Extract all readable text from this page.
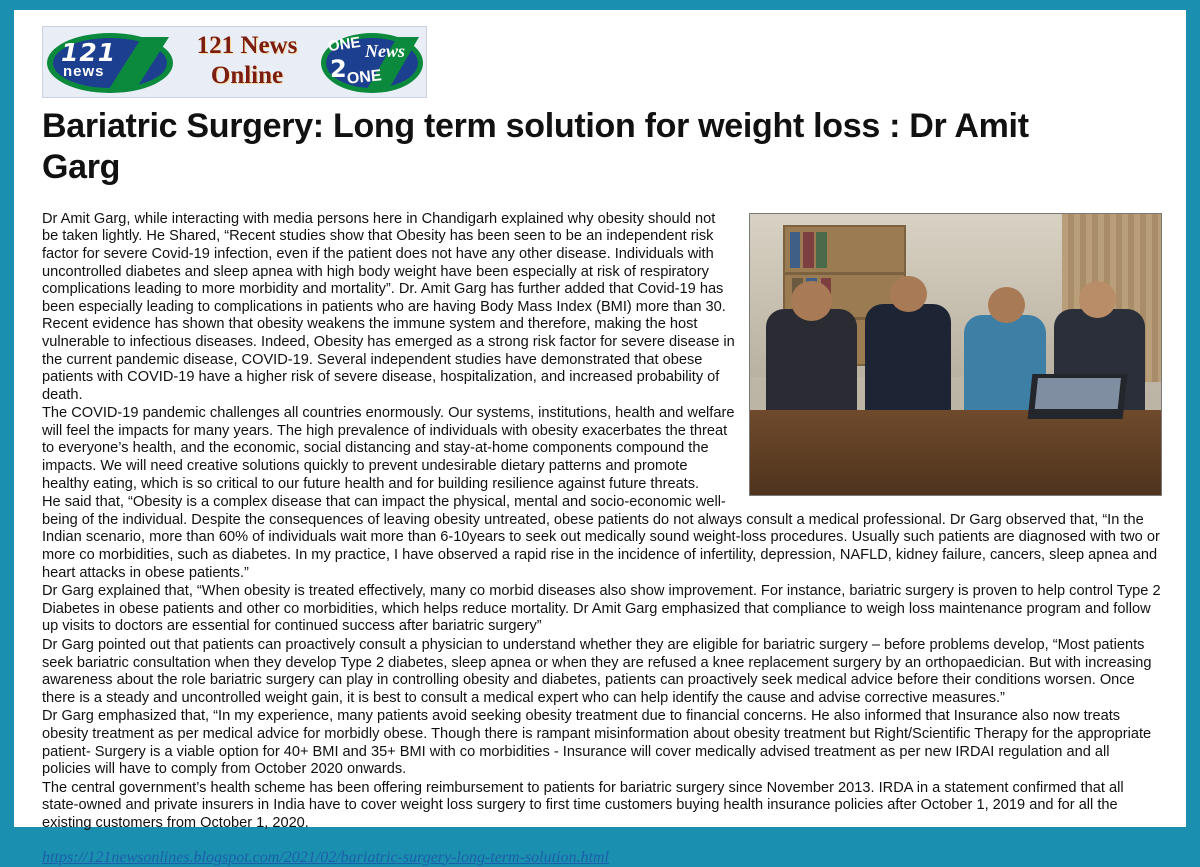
121
news
121 News
Online
ONE
2 ONE
News
Bariatric Surgery: Long term solution for weight loss : Dr Amit Garg

Dr Amit Garg, while interacting with media persons here in Chandigarh explained why obesity should not be taken lightly. He Shared, “Recent studies show that Obesity has been seen to be an independent risk factor for severe Covid-19 infection, even if the patient does not have any other disease. Individuals with uncontrolled diabetes and sleep apnea with high body weight have been especially at risk of respiratory complications leading to more morbidity and mortality”. Dr. Amit Garg has further added that Covid-19 has been especially leading to complications in patients who are having Body Mass Index (BMI) more than 30. Recent evidence has shown that obesity weakens the immune system and therefore, making the host vulnerable to infectious diseases. Indeed, Obesity has emerged as a strong risk factor for severe disease in the current pandemic disease, COVID-19. Several independent studies have demonstrated that obese patients with COVID-19 have a higher risk of severe disease, hospitalization, and increased probability of death.

The COVID-19 pandemic challenges all countries enormously. Our systems, institutions, health and welfare will feel the impacts for many years. The high prevalence of individuals with obesity exacerbates the threat to everyone’s health, and the economic, social distancing and stay-at-home components compound the impacts. We will need creative solutions quickly to prevent undesirable dietary patterns and promote healthy eating, which is so critical to our future health and for building resilience against future threats.

He said that, “Obesity is a complex disease that can impact the physical, mental and socio-economic well-being of the individual. Despite the consequences of leaving obesity untreated, obese patients do not always consult a medical professional. Dr Garg observed that, “In the Indian scenario, more than 60% of individuals wait more than 6-10years to seek out medically sound weight-loss procedures. Usually such patients are diagnosed with two or more co morbidities, such as diabetes. In my practice, I have observed a rapid rise in the incidence of infertility, depression, NAFLD, kidney failure, cancers, sleep apnea and heart attacks in obese patients.”

Dr Garg explained that, “When obesity is treated effectively, many co morbid diseases also show improvement. For instance, bariatric surgery is proven to help control Type 2 Diabetes in obese patients and other co morbidities, which helps reduce mortality. Dr Amit Garg emphasized that compliance to weigh loss maintenance program and follow up visits to doctors are essential for continued success after bariatric surgery”

Dr Garg pointed out that patients can proactively consult a physician to understand whether they are eligible for bariatric surgery – before problems develop, “Most patients seek bariatric consultation when they develop Type 2 diabetes, sleep apnea or when they are refused a knee replacement surgery by an orthopaedician. But with increasing awareness about the role bariatric surgery can play in controlling obesity and diabetes, patients can proactively seek medical advice before their conditions worsen. Once there is a steady and uncontrolled weight gain, it is best to consult a medical expert who can help identify the cause and advise corrective measures.”

Dr Garg emphasized that, “In my experience, many patients avoid seeking obesity treatment due to financial concerns. He also informed that Insurance also now treats obesity treatment as per medical advice for morbidly obese. Though there is rampant misinformation about obesity treatment but Right/Scientific Therapy for the appropriate patient- Surgery is a viable option for 40+ BMI and 35+ BMI with co morbidities - Insurance will cover medically advised treatment as per new IRDAI regulation and all policies will have to comply from October 2020 onwards.

The central government’s health scheme has been offering reimbursement to patients for bariatric surgery since November 2013. IRDA in a statement confirmed that all state-owned and private insurers in India have to cover weight loss surgery to first time customers buying health insurance policies after October 1, 2019 and for all the existing customers from October 1, 2020.

https://121newsonlines.blogspot.com/2021/02/bariatric-surgery-long-term-solution.html
